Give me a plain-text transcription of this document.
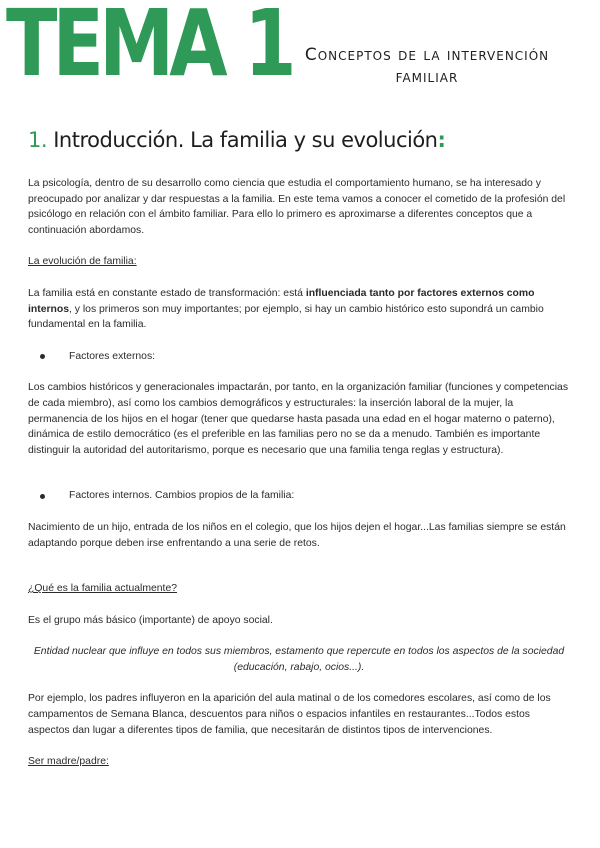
TEMA 1 Conceptos de la intervención
familiar
1. Introducción. La familia y su evolución:

La psicología, dentro de su desarrollo como ciencia que estudia el comportamiento humano, se ha interesado y preocupado por analizar y dar respuestas a la familia. En este tema vamos a conocer el cometido de la profesión del psicólogo en relación con el ámbito familiar. Para ello lo primero es aproximarse a diferentes conceptos que a continuación abordamos.

La evolución de familia:

La familia está en constante estado de transformación: está influenciada tanto por factores externos como internos, y los primeros son muy importantes; por ejemplo, si hay un cambio histórico esto supondrá un cambio fundamental en la familia.

Factores externos:

Los cambios históricos y generacionales impactarán, por tanto, en la organización familiar (funciones y competencias de cada miembro), así como los cambios demográficos y estructurales: la inserción laboral de la mujer, la permanencia de los hijos en el hogar (tener que quedarse hasta pasada una edad en el hogar materno o paterno), dinámica de estilo democrático (es el preferible en las familias pero no se da a menudo. También es importante distinguir la autoridad del autoritarismo, porque es necesario que una familia tenga reglas y estructura).

Factores internos. Cambios propios de la familia:

Nacimiento de un hijo, entrada de los niños en el colegio, que los hijos dejen el hogar...Las familias siempre se están adaptando porque deben irse enfrentando a una serie de retos.

¿Qué es la familia actualmente?

Es el grupo más básico (importante) de apoyo social.

Entidad nuclear que influye en todos sus miembros, estamento que repercute en todos los aspectos de la sociedad (educación, rabajo, ocios...).

Por ejemplo, los padres influyeron en la aparición del aula matinal o de los comedores escolares, así como de los campamentos de Semana Blanca, descuentos para niños o espacios infantiles en restaurantes...Todos estos aspectos dan lugar a diferentes tipos de familia, que necesitarán de distintos tipos de intervenciones.

Ser madre/padre:
